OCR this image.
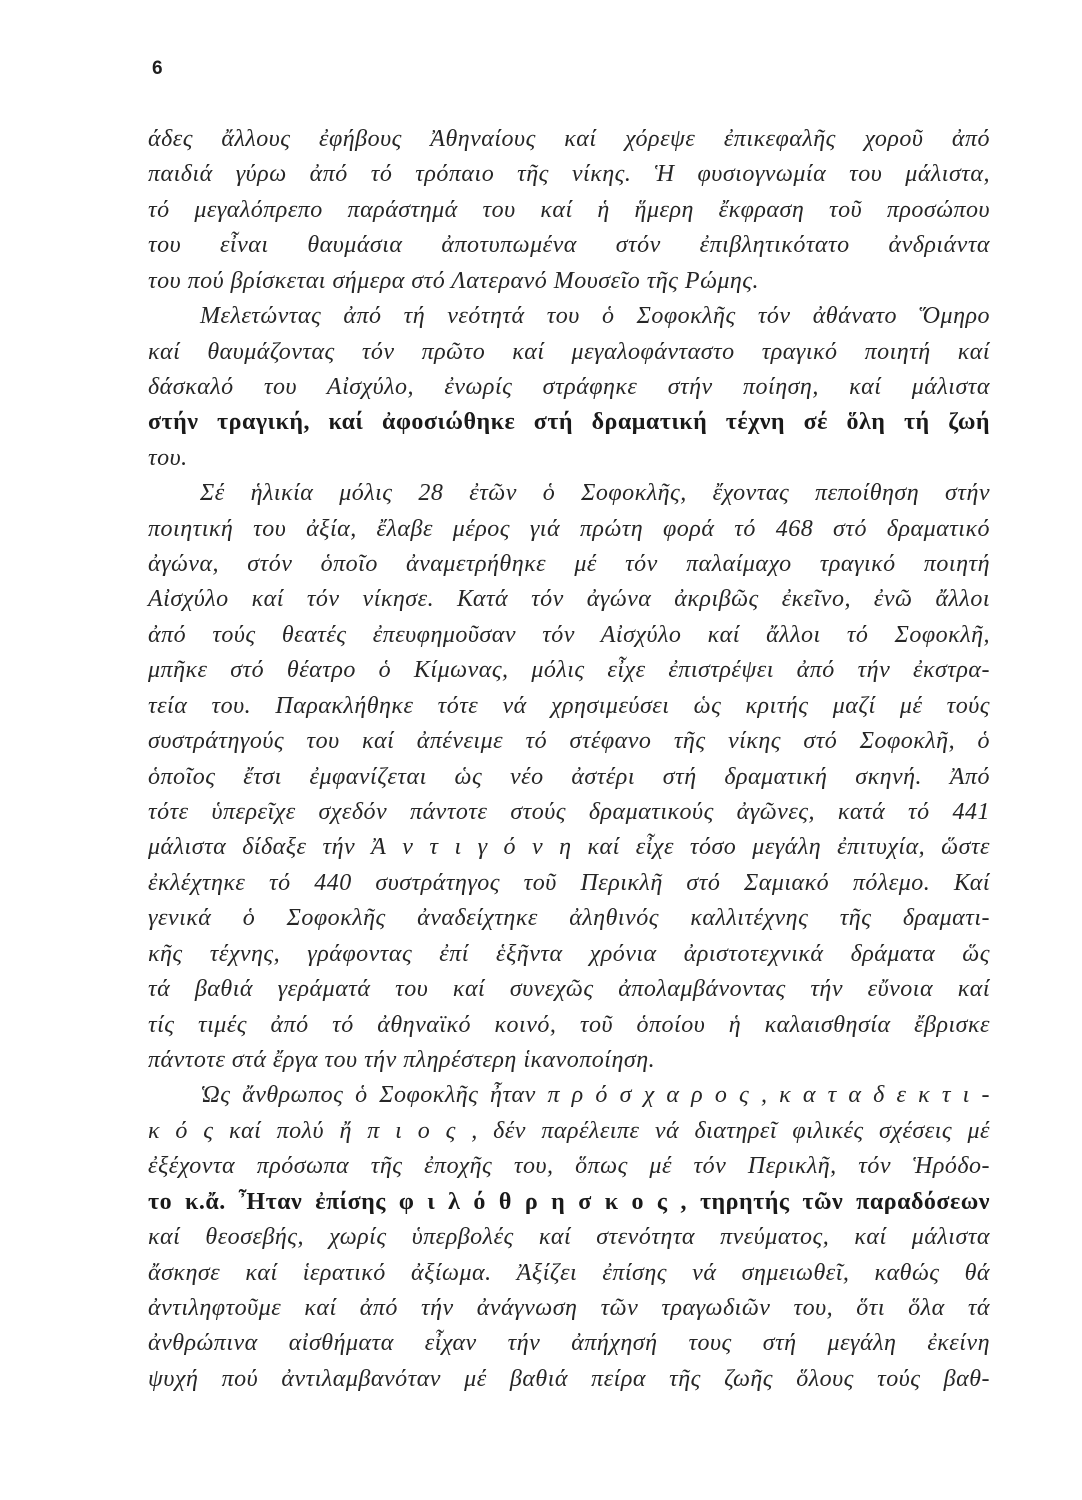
6
άδες ἄλλους ἐφήβους Ἀθηναίους καί χόρεψε ἐπικεφαλῆς χοροῦ ἀπό
παιδιά γύρω ἀπό τό τρόπαιο τῆς νίκης. Ἡ φυσιογνωμία του μάλιστα,
τό μεγαλόπρεπο παράστημά του καί ἡ ἥμερη ἔκφραση τοῦ προσώπου
του εἶναι θαυμάσια ἀποτυπωμένα στόν ἐπιβλητικότατο ἀνδριάντα
του πού βρίσκεται σήμερα στό Λατερανό Μουσεῖο τῆς Ρώμης.
Μελετώντας ἀπό τή νεότητά του ὁ Σοφοκλῆς τόν ἀθάνατο Ὅμηρο
καί θαυμάζοντας τόν πρῶτο καί μεγαλοφάνταστο τραγικό ποιητή καί
δάσκαλό του Αἰσχύλο, ἐνωρίς στράφηκε στήν ποίηση, καί μάλιστα
στήν τραγική, καί ἀφοσιώθηκε στή δραματική τέχνη σέ ὅλη τή ζωή
του.
Σέ ἡλικία μόλις 28 ἐτῶν ὁ Σοφοκλῆς, ἔχοντας πεποίθηση στήν
ποιητική του ἀξία, ἔλαβε μέρος γιά πρώτη φορά τό 468 στό δραματικό
ἀγώνα, στόν ὁποῖο ἀναμετρήθηκε μέ τόν παλαίμαχο τραγικό ποιητή
Αἰσχύλο καί τόν νίκησε. Κατά τόν ἀγώνα ἀκριβῶς ἐκεῖνο, ἐνῶ ἄλλοι
ἀπό τούς θεατές ἐπευφημοῦσαν τόν Αἰσχύλο καί ἄλλοι τό Σοφοκλῆ,
μπῆκε στό θέατρο ὁ Κίμωνας, μόλις εἶχε ἐπιστρέψει ἀπό τήν ἐκστρα-
τεία του. Παρακλήθηκε τότε νά χρησιμεύσει ὡς κριτής μαζί μέ τούς
συστράτηγούς του καί ἀπένειμε τό στέφανο τῆς νίκης στό Σοφοκλῆ, ὁ
ὁποῖος ἔτσι ἐμφανίζεται ὡς νέο ἀστέρι στή δραματική σκηνή. Ἀπό
τότε ὑπερεῖχε σχεδόν πάντοτε στούς δραματικούς ἀγῶνες, κατά τό 441
μάλιστα δίδαξε τήν Ἀ ν τ ι γ ό ν η καί εἶχε τόσο μεγάλη ἐπιτυχία, ὥστε
ἐκλέχτηκε τό 440 συστράτηγος τοῦ Περικλῆ στό Σαμιακό πόλεμο. Καί
γενικά ὁ Σοφοκλῆς ἀναδείχτηκε ἀληθινός καλλιτέχνης τῆς δραματι-
κῆς τέχνης, γράφοντας ἐπί ἑξῆντα χρόνια ἀριστοτεχνικά δράματα ὥς
τά βαθιά γεράματά του καί συνεχῶς ἀπολαμβάνοντας τήν εὔνοια καί
τίς τιμές ἀπό τό ἀθηναϊκό κοινό, τοῦ ὁποίου ἡ καλαισθησία ἔβρισκε
πάντοτε στά ἔργα του τήν πληρέστερη ἱκανοποίηση.
Ὡς ἄνθρωπος ὁ Σοφοκλῆς ἦταν π ρ ό σ χ α ρ ο ς , κ α τ α δ ε κ τ ι -
κ ό ς καί πολύ ἤ π ι ο ς , δέν παρέλειπε νά διατηρεῖ φιλικές σχέσεις μέ
ἐξέχοντα πρόσωπα τῆς ἐποχῆς του, ὅπως μέ τόν Περικλῆ, τόν Ἡρόδο-
το κ.ἄ. Ἦταν ἐπίσης φ ι λ ό θ ρ η σ κ ο ς , τηρητής τῶν παραδόσεων
καί θεοσεβής, χωρίς ὑπερβολές καί στενότητα πνεύματος, καί μάλιστα
ἄσκησε καί ἱερατικό ἀξίωμα. Ἀξίζει ἐπίσης νά σημειωθεῖ, καθώς θά
ἀντιληφτοῦμε καί ἀπό τήν ἀνάγνωση τῶν τραγωδιῶν του, ὅτι ὅλα τά
ἀνθρώπινα αἰσθήματα εἶχαν τήν ἀπήχησή τους στή μεγάλη ἐκείνη
ψυχή πού ἀντιλαμβανόταν μέ βαθιά πείρα τῆς ζωῆς ὅλους τούς βαθ-
